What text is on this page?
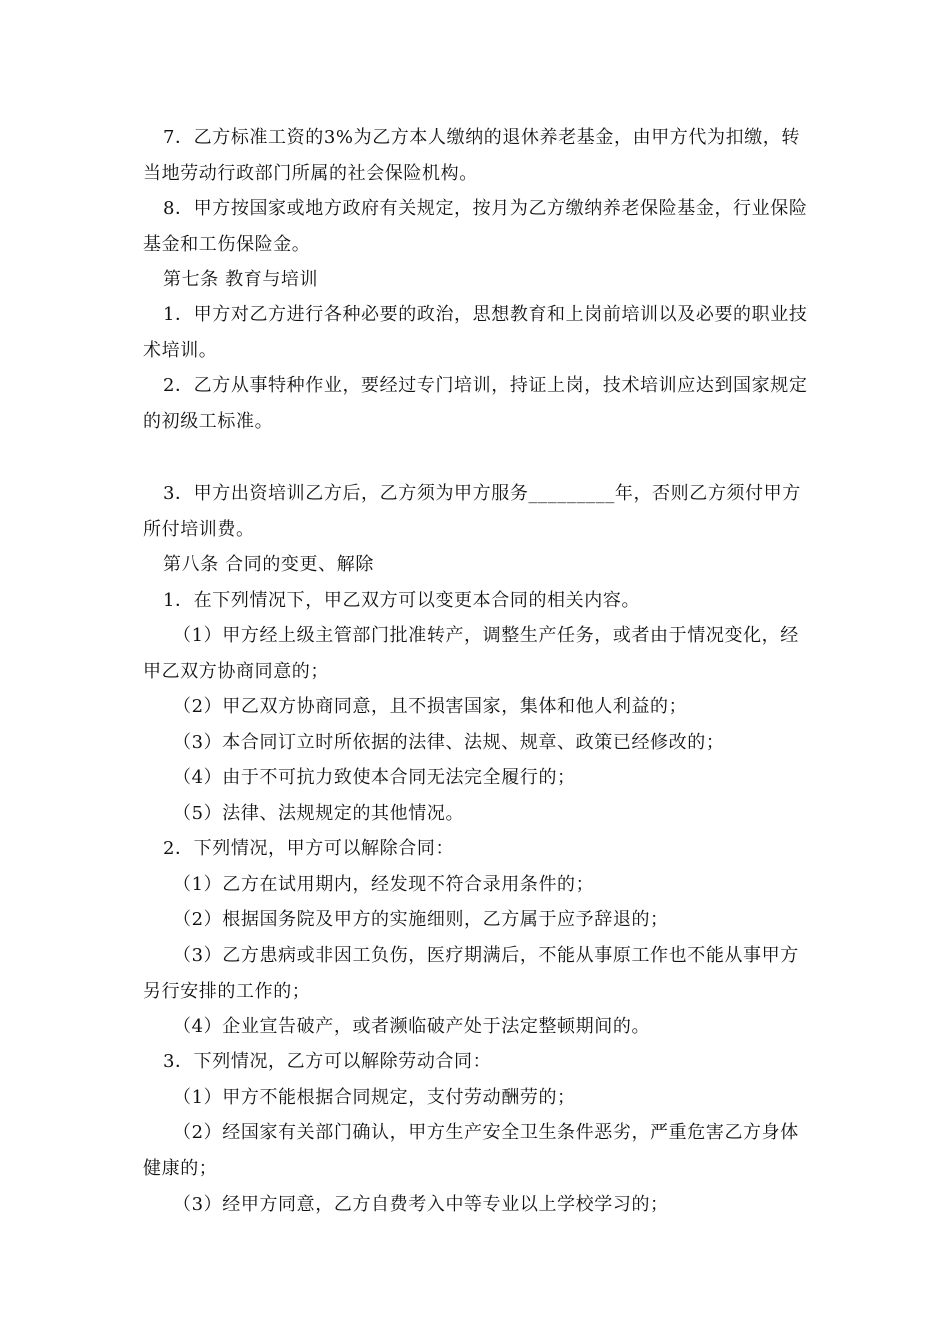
7．乙方标准工资的3%为乙方本人缴纳的退休养老基金，由甲方代为扣缴，转当地劳动行政部门所属的社会保险机构。
8．甲方按国家或地方政府有关规定，按月为乙方缴纳养老保险基金，行业保险基金和工伤保险金。
第七条 教育与培训
1．甲方对乙方进行各种必要的政治，思想教育和上岗前培训以及必要的职业技术培训。
2．乙方从事特种作业，要经过专门培训，持证上岗，技术培训应达到国家规定的初级工标准。
3．甲方出资培训乙方后，乙方须为甲方服务_________年，否则乙方须付甲方所付培训费。
第八条 合同的变更、解除
1．在下列情况下，甲乙双方可以变更本合同的相关内容。
（1）甲方经上级主管部门批准转产，调整生产任务，或者由于情况变化，经甲乙双方协商同意的；
（2）甲乙双方协商同意，且不损害国家，集体和他人利益的；
（3）本合同订立时所依据的法律、法规、规章、政策已经修改的；
（4）由于不可抗力致使本合同无法完全履行的；
（5）法律、法规规定的其他情况。
2．下列情况，甲方可以解除合同：
（1）乙方在试用期内，经发现不符合录用条件的；
（2）根据国务院及甲方的实施细则，乙方属于应予辞退的；
（3）乙方患病或非因工负伤，医疗期满后，不能从事原工作也不能从事甲方另行安排的工作的；
（4）企业宣告破产，或者濒临破产处于法定整顿期间的。
3．下列情况，乙方可以解除劳动合同：
（1）甲方不能根据合同规定，支付劳动酬劳的；
（2）经国家有关部门确认，甲方生产安全卫生条件恶劣，严重危害乙方身体健康的；
（3）经甲方同意，乙方自费考入中等专业以上学校学习的；
